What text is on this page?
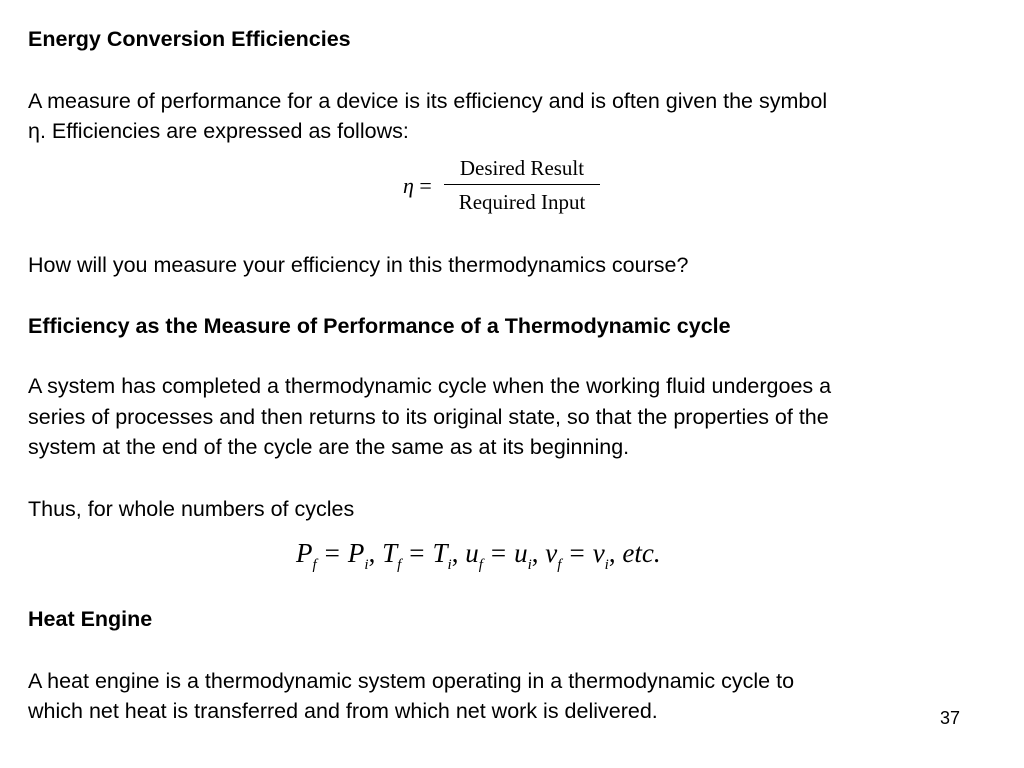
Energy Conversion Efficiencies

A measure of performance for a device is its efficiency and is often given the symbol

η. Efficiencies are expressed as follows:

η =
Desired Result
Required Input

How will you measure your efficiency in this thermodynamics course?

Efficiency as the Measure of Performance of a Thermodynamic cycle

A system has completed a thermodynamic cycle when the working fluid undergoes a

series of processes and then returns to its original state, so that the properties of the

system at the end of the cycle are the same as at its beginning.

Thus, for whole numbers of cycles

$P_f = P_i$, $T_f = T_i$, $u_f = u_i$, $v_f = v_i$, etc.

Heat Engine

A heat engine is a thermodynamic system operating in a thermodynamic cycle to

which net heat is transferred and from which net work is delivered.	37
